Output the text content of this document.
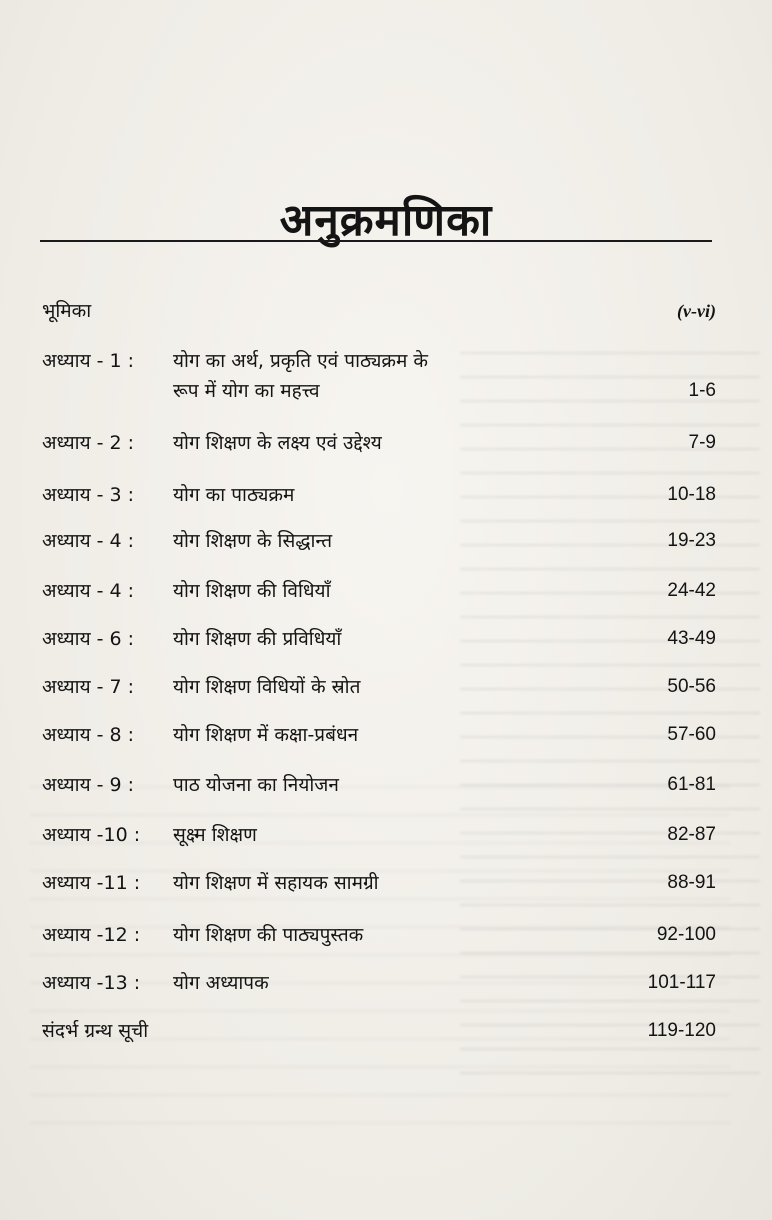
अनुक्रमणिका
भूमिका	(v-vi)
अध्याय - 1 : योग का अर्थ, प्रकृति एवं पाठ्यक्रम के
रूप में योग का महत्त्व	1-6
अध्याय - 2 : योग शिक्षण के लक्ष्य एवं उद्देश्य	7-9
अध्याय - 3 : योग का पाठ्यक्रम	10-18
अध्याय - 4 : योग शिक्षण के सिद्धान्त	19-23
अध्याय - 4 : योग शिक्षण की विधियाँ	24-42
अध्याय - 6 : योग शिक्षण की प्रविधियाँ	43-49
अध्याय - 7 : योग शिक्षण विधियों के स्रोत	50-56
अध्याय - 8 : योग शिक्षण में कक्षा-प्रबंधन	57-60
अध्याय - 9 : पाठ योजना का नियोजन	61-81
अध्याय -10 : सूक्ष्म शिक्षण	82-87
अध्याय -11 : योग शिक्षण में सहायक सामग्री	88-91
अध्याय -12 : योग शिक्षण की पाठ्यपुस्तक	92-100
अध्याय -13 : योग अध्यापक	101-117
संदर्भ ग्रन्थ सूची	119-120
